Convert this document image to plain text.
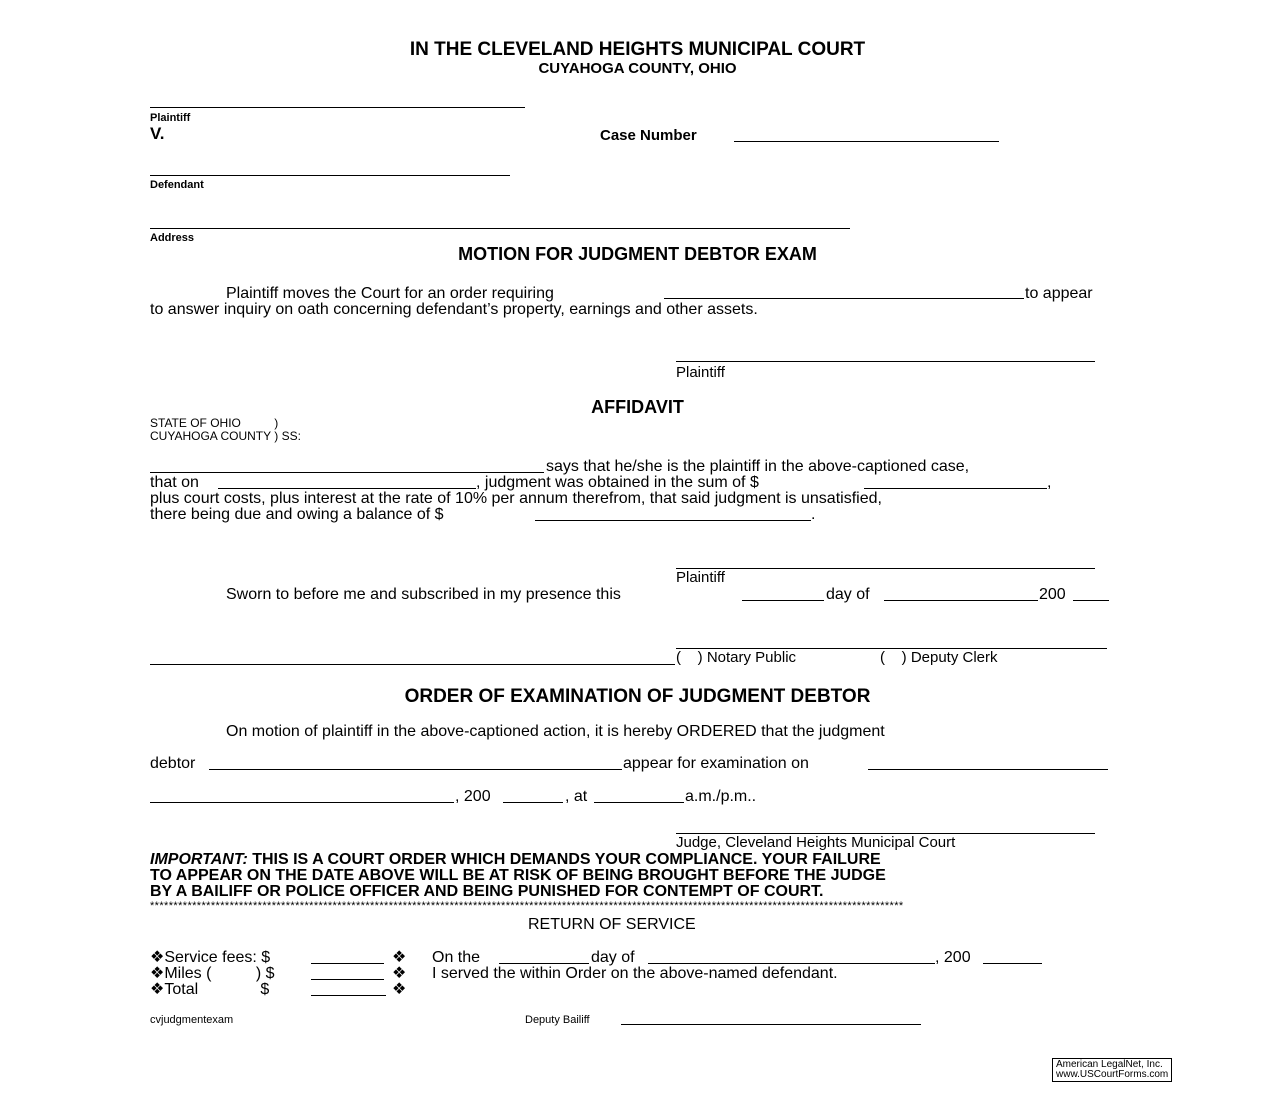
IN THE CLEVELAND HEIGHTS MUNICIPAL COURT
CUYAHOGA COUNTY, OHIO
Plaintiff
V.	Case Number
Defendant
Address
MOTION FOR JUDGMENT DEBTOR EXAM
Plaintiff moves the Court for an order requiring	to appear
to answer inquiry on oath concerning defendant’s property, earnings and other assets.
Plaintiff
AFFIDAVIT
STATE OF OHIO          )
CUYAHOGA COUNTY ) SS:
says that he/she is the plaintiff in the above-captioned case,
that on	, judgment was obtained in the sum of $	,
plus court costs, plus interest at the rate of 10% per annum therefrom, that said judgment is unsatisfied,
there being due and owing a balance of $	.
Plaintiff
Sworn to before me and subscribed in my presence this	day of	200
(    ) Notary Public	(    ) Deputy Clerk
ORDER OF EXAMINATION OF JUDGMENT DEBTOR
On motion of plaintiff in the above-captioned action, it is hereby ORDERED that the judgment
debtor	appear for examination on
, 200	, at	a.m./p.m..
Judge, Cleveland Heights Municipal Court
IMPORTANT: THIS IS A COURT ORDER WHICH DEMANDS YOUR COMPLIANCE. YOUR FAILURE
TO APPEAR ON THE DATE ABOVE WILL BE AT RISK OF BEING BROUGHT BEFORE THE JUDGE
BY A BAILIFF OR POLICE OFFICER AND BEING PUNISHED FOR CONTEMPT OF COURT.
*****************************************************************************************************************************************************************
RETURN OF SERVICE
❖Service fees: $	❖ On the	day of	, 200
❖Miles (          ) $	❖ I served the within Order on the above-named defendant.
❖Total              $	❖
cvjudgmentexam	Deputy Bailiff
American LegalNet, Inc.
www.USCourtForms.com
